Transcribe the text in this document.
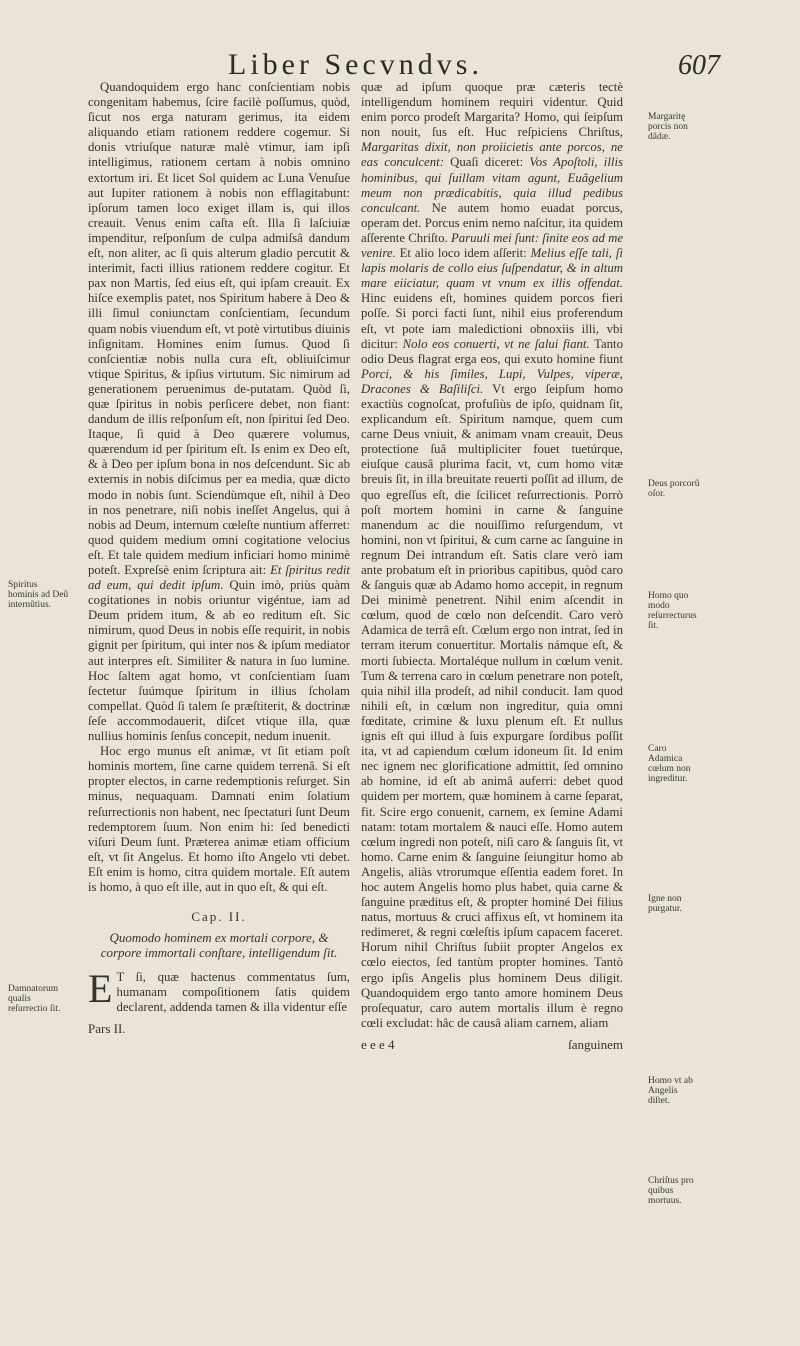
Liber Secvndvs.	607

Quandoquidem ergo hanc conſcientiam nobis congenitam habemus, ſcire facilè poſſumus, quòd, ſicut nos erga naturam gerimus, ita eidem aliquando etiam rationem reddere cogemur. Si donis vtriuſque naturæ malè vtimur, iam ipſi intelligimus, rationem certam à nobis omnino extortum iri. Et licet Sol quidem ac Luna Venuſue aut Iupiter rationem à nobis non efflagitabunt: ipſorum tamen loco exiget illam is, qui illos creauit. Venus enim caſta eſt. Illa ſi laſciuiæ impenditur, reſponſum de culpa admiſsâ dandum eſt, non aliter, ac ſi quis alterum gladio percutit & interimit, facti illius rationem reddere cogitur. Et pax non Martis, ſed eius eſt, qui ipſam creauit. Ex hiſce exemplis patet, nos Spiritum habere à Deo & illi ſimul coniunctam conſcientiam, ſecundum quam nobis viuendum eſt, vt potè virtutibus diuinis inſignitam. Homines enim ſumus. Quod ſi conſcientiæ nobis nulla cura eſt, obliuiſcimur vtique Spiritus, & ipſius virtutum. Sic nimirum ad generationem peruenimus de-putatam. Quòd ſi, quæ ſpiritus in nobis perſicere debet, non fiant: dandum de illis reſponſum eſt, non ſpiritui ſed Deo. Itaque, ſi quid à Deo quærere volumus, quærendum id per ſpiritum eſt. Is enim ex Deo eſt, & à Deo per ipſum bona in nos deſcendunt. Sic ab externis in nobis diſcimus per ea media, quæ dicto modo in nobis ſunt. Sciendùmque eſt, nihil à Deo in nos penetrare, niſi nobis ineſſet Angelus, qui à nobis ad Deum, internum cœleſte nuntium afferret: quod quidem medium omni cogitatione velocius eſt. Et tale quidem medium inficiari homo minimè poteſt. Expreſsè enim ſcriptura ait: Et ſpiritus redit ad eum, qui dedit ipſum. Quin imò, priùs quàm cogitationes in nobis oriuntur vigéntue, iam ad Deum pridem itum, & ab eo reditum eſt. Sic nimirum, quod Deus in nobis eſſe requirit, in nobis gignit per ſpiritum, qui inter nos & ipſum mediator aut interpres eſt. Similiter & natura in ſuo lumine. Hoc ſaltem agat homo, vt conſcientiam ſuam ſectetur ſuúmque ſpiritum in illius ſcholam compellat. Quòd ſi talem ſe præſtiterit, & doctrinæ ſeſe accommodauerit, diſcet vtique illa, quæ nullius hominis ſenſus concepit, nedum inuenit.

Hoc ergo munus eſt animæ, vt ſit etiam poſt hominis mortem, ſine carne quidem terrenâ. Si eſt propter electos, in carne redemptionis reſurget. Sin minus, nequaquam. Damnati enim ſolatium reſurrectionis non habent, nec ſpectaturi ſunt Deum redemptorem ſuum. Non enim hi: ſed benedicti viſuri Deum ſunt. Præterea animæ etiam officium eſt, vt ſit Angelus. Et homo iſto Angelo vti debet. Eſt enim is homo, citra quidem mortale. Eſt autem is homo, à quo eſt ille, aut in quo eſt, & qui eſt.

Cap. II.
Quomodo hominem ex mortali corpore, & corpore immortali conſtare, intelligendum ſit.

E T ſi, quæ hactenus commentatus ſum, humanam compoſitionem ſatis quidem declarent, addenda tamen & illa videntur eſſe

Pars II.

quæ ad ipſum quoque præ cæteris tectè intelligendum hominem requiri videntur. Quid enim porco prodeſt Margarita? Homo, qui ſeipſum non nouit, ſus eſt. Huc reſpiciens Chriſtus, Margaritas dixit, non proiicietis ante porcos, ne eas conculcent: Quaſi diceret: Vos Apoſtoli, illis hominibus, qui ſuillam vitam agunt, Euãgelium meum non prædicabitis, quia illud pedibus conculcant. Ne autem homo euadat porcus, operam det. Porcus enim nemo naſcitur, ita quidem aſſerente Chriſto. Paruuli mei ſunt: ſinite eos ad me venire. Et alio loco idem aſſerit: Melius eſſe tali, ſi lapis molaris de collo eius ſuſpendatur, & in altum mare eiiciatur, quam vt vnum ex illis offendat. Hinc euidens eſt, homines quidem porcos fieri poſſe. Si porci facti ſunt, nihil eius proferendum eſt, vt pote iam maledictioni obnoxiis illi, vbi dicitur: Nolo eos conuerti, vt ne ſalui fiant. Tanto odio Deus flagrat erga eos, qui exuto homine fiunt Porci, & his ſimiles, Lupi, Vulpes, viperæ, Dracones & Baſiliſci. Vt ergo ſeipſum homo exactiùs cognoſcat, profuſiùs de ipſo, quidnam ſit, explicandum eſt. Spiritum namque, quem cum carne Deus vniuit, & animam vnam creauit, Deus protectione ſuâ multipliciter fouet tuetúrque, eiuſque causâ plurima facit, vt, cum homo vitæ breuis ſit, in illa breuitate reuerti poſſit ad illum, de quo egreſſus eſt, die ſcilicet reſurrectionis. Porrò poſt mortem homini in carne & ſanguine manendum ac die nouiſſimo reſurgendum, vt homini, non vt ſpiritui, & cum carne ac ſanguine in regnum Dei intrandum eſt. Satis clare verò iam ante probatum eſt in prioribus capitibus, quòd caro & ſanguis quæ ab Adamo homo accepit, in regnum Dei minimè penetrent. Nihil enim aſcendit in cœlum, quod de cœlo non deſcendit. Caro verò Adamica de terrâ eſt. Cœlum ergo non intrat, ſed in terram iterum conuertitur. Mortalis námque eſt, & morti ſubiecta. Mortaléque nullum in cœlum venit. Tum & terrena caro in cœlum penetrare non poteſt, quia nihil illa prodeſt, ad nihil conducit. Iam quod nihili eſt, in cœlum non ingreditur, quia omni fœditate, crimine & luxu plenum eſt. Et nullus ignis eſt qui illud à ſuis expurgare ſordibus poſſit ita, vt ad capiendum cœlum idoneum ſit. Id enim nec ignem nec glorificatione admittit, ſed omnino ab homine, id eſt ab animâ auferri: debet quod quidem per mortem, quæ hominem à carne ſeparat, fit. Scire ergo conuenit, carnem, ex ſemine Adami natam: totam mortalem & nauci eſſe. Homo autem cœlum ingredi non poteſt, niſi caro & ſanguis ſit, vt homo. Carne enim & ſanguine ſeiungitur homo ab Angelis, aliàs vtrorumque eſſentia eadem foret. In hoc autem Angelis homo plus habet, quia carne & ſanguine præditus eſt, & propter hominé Dei filius natus, mortuus & cruci affixus eſt, vt hominem ita redimeret, & regni cœleſtis ipſum capacem faceret. Horum nihil Chriſtus ſubiit propter Angelos ex cœlo eiectos, ſed tantùm propter homines. Tantò ergo ipſis Angelis plus hominem Deus diligit. Quandoquidem ergo tanto amore hominem Deus proſequatur, caro autem mortalis illum è regno cœli excludat: hâc de causâ aliam carnem, aliam

e e e 4	ſanguinem
Spiritus hominis ad Deũ internũtius.
Damnatorum qualis reſurrectio ſit.
Margaritę porcis non dãdæ.
Deus porcorũ oſor.
Homo quo modo reſurrecturus ſit.
Caro Adamica cœlum non ingreditur.
Igne non purgatur.
Homo vt ab Angelis diſtet.
Chriſtus pro quibus mortuus.
